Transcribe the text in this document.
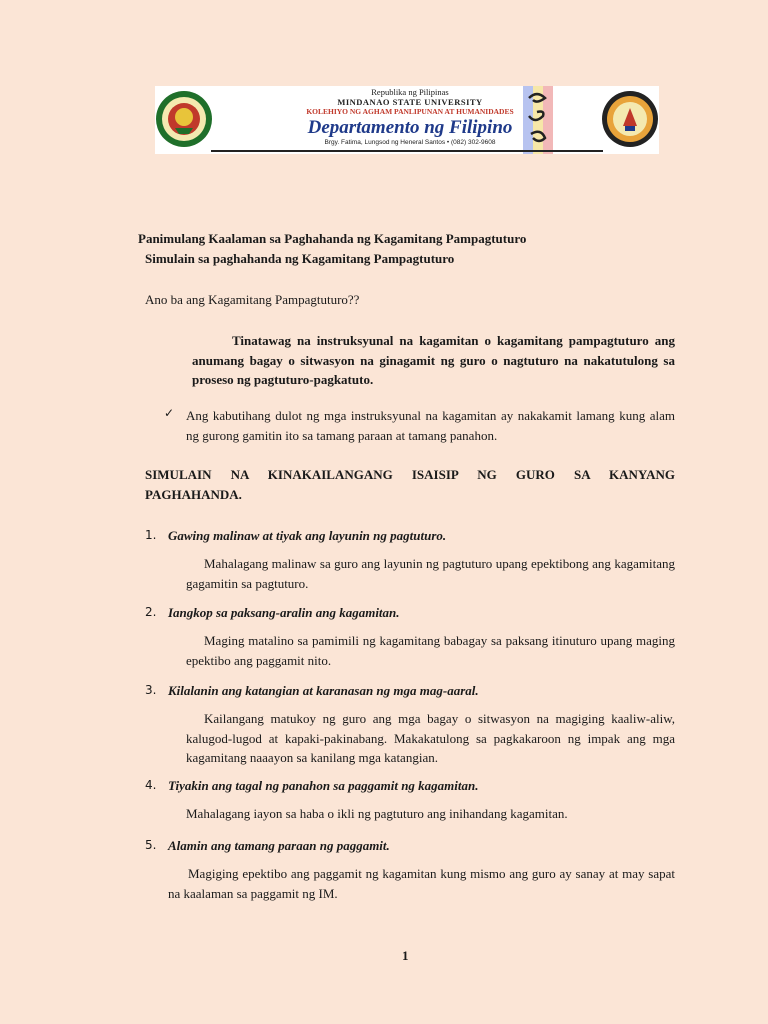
Republika ng Pilipinas
MINDANAO STATE UNIVERSITY
KOLEHIYO NG AGHAM PANLIPUNAN AT HUMANIDADES
Departamento ng Filipino
Brgy. Fatima, Lungsod ng Heneral Santos • (082) 302-9608
Panimulang Kaalaman sa Paghahanda ng Kagamitang Pampagtuturo
Simulain sa paghahanda ng Kagamitang Pampagtuturo
Ano ba ang Kagamitang Pampagtuturo??
Tinatawag na instruksyunal na kagamitan o kagamitang pampagtuturo ang anumang bagay o sitwasyon na ginagamit ng guro o nagtuturo na nakatutulong sa proseso ng pagtuturo-pagkatuto.
✓ Ang kabutihang dulot ng mga instruksyunal na kagamitan ay nakakamit lamang kung alam ng gurong gamitin ito sa tamang paraan at tamang panahon.
SIMULAIN NA KINAKAILANGANG ISAISIP NG GURO SA KANYANG PAGHAHANDA.
1. Gawing malinaw at tiyak ang layunin ng pagtuturo.
Mahalagang malinaw sa guro ang layunin ng pagtuturo upang epektibong ang kagamitang gagamitin sa pagtuturo.
2. Iangkop sa paksang-aralin ang kagamitan.
Maging matalino sa pamimili ng kagamitang babagay sa paksang itinuturo upang maging epektibo ang paggamit nito.
3. Kilalanin ang katangian at karanasan ng mga mag-aaral.
Kailangang matukoy ng guro ang mga bagay o sitwasyon na magiging kaaliw-aliw, kalugod-lugod at kapaki-pakinabang. Makakatulong sa pagkakaroon ng impak ang mga kagamitang naaayon sa kanilang mga katangian.
4. Tiyakin ang tagal ng panahon sa paggamit ng kagamitan.
Mahalagang iayon sa haba o ikli ng pagtuturo ang inihandang kagamitan.
5. Alamin ang tamang paraan ng paggamit.
Magiging epektibo ang paggamit ng kagamitan kung mismo ang guro ay sanay at may sapat na kaalaman sa paggamit ng IM.
1
